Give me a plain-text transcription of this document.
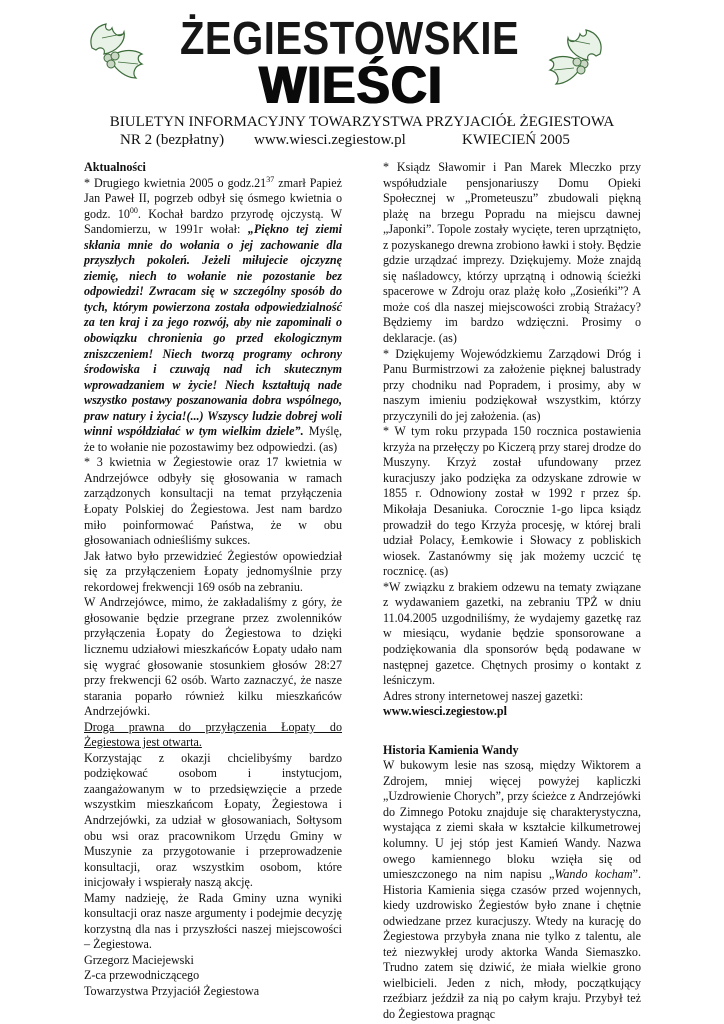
ŻEGIESTOWSKIE
WIEŚCI
BIULETYN INFORMACYJNY TOWARZYSTWA PRZYJACIÓŁ ŻEGIESTOWA
NR 2 (bezpłatny) www.wiesci.zegiestow.pl	KWIECIEŃ 2005

Aktualności

* Drugiego kwietnia 2005 o $godz.21^{37}$ zmarł Papież Jan Paweł II, pogrzeb odbył się ósmego kwietnia o godz. $10^{00}$. Kochał bardzo przyrodę ojczystą. W Sandomierzu, w 1991r wołał: „Piękno tej ziemi skłania mnie do wołania o jej zachowanie dla przyszłych pokoleń. Jeżeli miłujecie ojczyznę ziemię, niech to wołanie nie pozostanie bez odpowiedzi! Zwracam się w szczególny sposób do tych, którym powierzona została odpowiedzialność za ten kraj i za jego rozwój, aby nie zapominali o obowiązku chronienia go przed ekologicznym zniszczeniem! Niech tworzą programy ochrony środowiska i czuwają nad ich skutecznym wprowadzaniem w życie! Niech kształtują nade wszystko postawy poszanowania dobra wspólnego, praw natury i życia!(...) Wszyscy ludzie dobrej woli winni współdziałać w tym wielkim dziele”. Myślę, że to wołanie nie pozostawimy bez odpowiedzi. (as)

* 3 kwietnia w Żegiestowie oraz 17 kwietnia w Andrzejówce odbyły się głosowania w ramach zarządzonych konsultacji na temat przyłączenia Łopaty Polskiej do Żegiestowa. Jest nam bardzo miło poinformować Państwa, że w obu głosowaniach odnieśliśmy sukces.

Jak łatwo było przewidzieć Żegiestów opowiedział się za przyłączeniem Łopaty jednomyślnie przy rekordowej frekwencji 169 osób na zebraniu.

W Andrzejówce, mimo, że zakładaliśmy z góry, że głosowanie będzie przegrane przez zwolenników przyłączenia Łopaty do Żegiestowa to dzięki licznemu udziałowi mieszkańców Łopaty udało nam się wygrać głosowanie stosunkiem głosów 28:27 przy frekwencji 62 osób. Warto zaznaczyć, że nasze starania poparło również kilku mieszkańców Andrzejówki.

Droga prawna do przyłączenia Łopaty do Żegiestowa jest otwarta.

Korzystając z okazji chcielibyśmy bardzo podziękować osobom i instytucjom, zaangażowanym w to przedsięwzięcie a przede wszystkim mieszkańcom Łopaty, Żegiestowa i Andrzejówki, za udział w głosowaniach, Sołtysom obu wsi oraz pracownikom Urzędu Gminy w Muszynie za przygotowanie i przeprowadzenie konsultacji, oraz wszystkim osobom, które inicjowały i wspierały naszą akcję.

Mamy nadzieję, że Rada Gminy uzna wyniki konsultacji oraz nasze argumenty i podejmie decyzję korzystną dla nas i przyszłości naszej miejscowości – Żegiestowa.

Grzegorz Maciejewski

Z-ca przewodniczącego

Towarzystwa Przyjaciół Żegiestowa

* Ksiądz Sławomir i Pan Marek Mleczko przy współudziale pensjonariuszy Domu Opieki Społecznej w „Prometeuszu” zbudowali piękną plażę na brzegu Popradu na miejscu dawnej „Japonki”. Topole zostały wycięte, teren uprzątnięto, z pozyskanego drewna zrobiono ławki i stoły. Będzie gdzie urządzać imprezy. Dziękujemy. Może znajdą się naśladowcy, którzy uprzątną i odnowią ścieżki spacerowe w Zdroju oraz plażę koło „Zosieńki”? A może coś dla naszej miejscowości zrobią Strażacy? Będziemy im bardzo wdzięczni. Prosimy o deklaracje. (as)

* Dziękujemy Wojewódzkiemu Zarządowi Dróg i Panu Burmistrzowi za założenie pięknej balustrady przy chodniku nad Popradem, i prosimy, aby w naszym imieniu podziękował wszystkim, którzy przyczynili do jej założenia. (as)

* W tym roku przypada 150 rocznica postawienia krzyża na przełęczy po Kiczerą przy starej drodze do Muszyny. Krzyż został ufundowany przez kuracjuszy jako podzięka za odzyskane zdrowie w 1855 r. Odnowiony został w 1992 r przez śp. Mikołaja Desaniuka. Corocznie 1-go lipca ksiądz prowadził do tego Krzyża procesję, w której brali udział Polacy, Łemkowie i Słowacy z pobliskich wiosek. Zastanówmy się jak możemy uczcić tę rocznicę. (as)

*W związku z brakiem odzewu na tematy związane z wydawaniem gazetki, na zebraniu TPŻ w dniu 11.04.2005 uzgodniliśmy, że wydajemy gazetkę raz w miesiącu, wydanie będzie sponsorowane a podziękowania dla sponsorów będą podawane w następnej gazetce. Chętnych prosimy o kontakt z leśniczym.

Adres strony internetowej naszej gazetki:

www.wiesci.zegiestow.pl

Historia Kamienia Wandy

W bukowym lesie nas szosą, między Wiktorem a Zdrojem, mniej więcej powyżej kapliczki „Uzdrowienie Chorych”, przy ścieżce z Andrzejówki do Zimnego Potoku znajduje się charakterystyczna, wystająca z ziemi skała w kształcie kilkumetrowej kolumny. U jej stóp jest Kamień Wandy. Nazwa owego kamiennego bloku wzięła się od umieszczonego na nim napisu „Wando kocham”. Historia Kamienia sięga czasów przed wojennych, kiedy uzdrowisko Żegiestów było znane i chętnie odwiedzane przez kuracjuszy. Wtedy na kurację do Żegiestowa przybyła znana nie tylko z talentu, ale też niezwykłej urody aktorka Wanda Siemaszko. Trudno zatem się dziwić, że miała wielkie grono wielbicieli. Jeden z nich, młody, początkujący rzeźbiarz jeździł za nią po całym kraju. Przybył też do Żegiestowa pragnąc
